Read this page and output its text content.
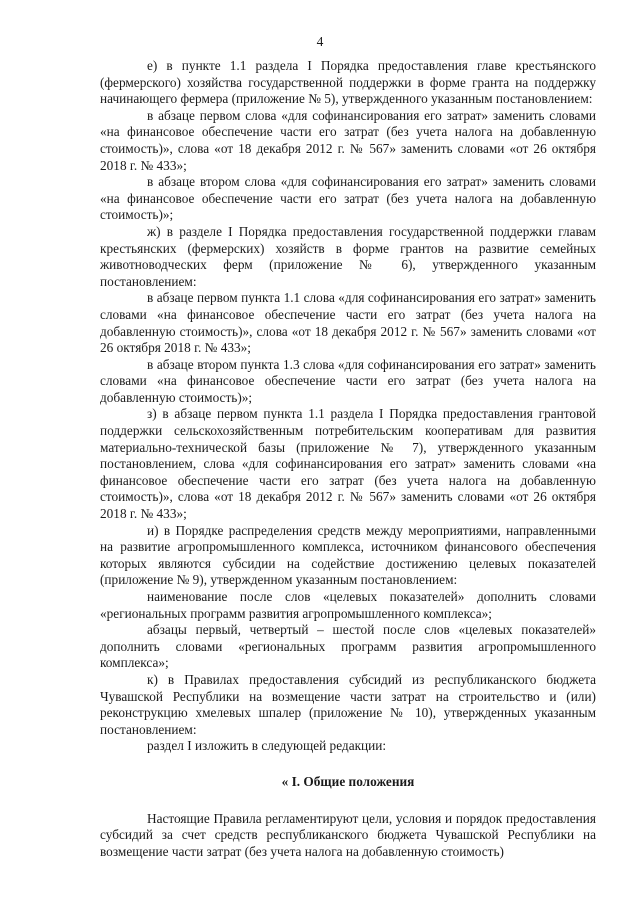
4

е) в пункте 1.1 раздела I Порядка предоставления главе крестьянского (фермерского) хозяйства государственной поддержки в форме гранта на поддержку начинающего фермера (приложение № 5), утвержденного указанным постановлением:

в абзаце первом слова «для софинансирования его затрат» заменить словами «на финансовое обеспечение части его затрат (без учета налога на добавленную стоимость)», слова «от 18 декабря 2012 г. № 567» заменить словами «от 26 октября 2018 г. № 433»;

в абзаце втором слова «для софинансирования его затрат» заменить словами «на финансовое обеспечение части его затрат (без учета налога на добавленную стоимость)»;

ж) в разделе I Порядка предоставления государственной поддержки главам крестьянских (фермерских) хозяйств в форме грантов на развитие семейных животноводческих ферм (приложение № 6), утвержденного указанным постановлением:

в абзаце первом пункта 1.1 слова «для софинансирования его затрат» заменить словами «на финансовое обеспечение части его затрат (без учета налога на добавленную стоимость)», слова «от 18 декабря 2012 г. № 567» заменить словами «от 26 октября 2018 г. № 433»;

в абзаце втором пункта 1.3 слова «для софинансирования его затрат» заменить словами «на финансовое обеспечение части его затрат (без учета налога на добавленную стоимость)»;

з) в абзаце первом пункта 1.1 раздела I Порядка предоставления грантовой поддержки сельскохозяйственным потребительским кооперативам для развития материально-технической базы (приложение № 7), утвержденного указанным постановлением, слова «для софинансирования его затрат» заменить словами «на финансовое обеспечение части его затрат (без учета налога на добавленную стоимость)», слова «от 18 декабря 2012 г. № 567» заменить словами «от 26 октября 2018 г. № 433»;

и) в Порядке распределения средств между мероприятиями, направленными на развитие агропромышленного комплекса, источником финансового обеспечения которых являются субсидии на содействие достижению целевых показателей (приложение № 9), утвержденном указанным постановлением:

наименование после слов «целевых показателей» дополнить словами «региональных программ развития агропромышленного комплекса»;

абзацы первый, четвертый – шестой после слов «целевых показателей» дополнить словами «региональных программ развития агропромышленного комплекса»;

к) в Правилах предоставления субсидий из республиканского бюджета Чувашской Республики на возмещение части затрат на строительство и (или) реконструкцию хмелевых шпалер (приложение № 10), утвержденных указанным постановлением:

раздел I изложить в следующей редакции:

« I. Общие положения

Настоящие Правила регламентируют цели, условия и порядок предоставления субсидий за счет средств республиканского бюджета Чувашской Республики на возмещение части затрат (без учета налога на добавленную стоимость)
